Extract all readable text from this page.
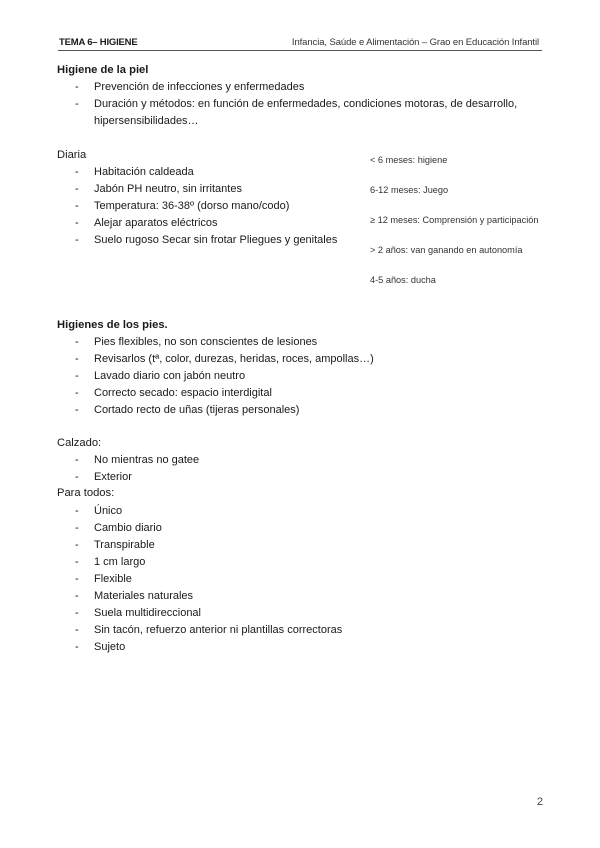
TEMA 6– HIGIENE	Infancia, Saúde e Alimentación – Grao en Educación Infantil
Higiene de la piel
- Prevención de infecciones y enfermedades
- Duración y métodos: en función de enfermedades, condiciones motoras, de desarrollo, hipersensibilidades…
Diaria
- Habitación caldeada
- Jabón PH neutro, sin irritantes
- Temperatura: 36-38º (dorso mano/codo)
- Alejar aparatos eléctricos
- Suelo rugoso Secar sin frotar Pliegues y genitales
< 6 meses: higiene
6-12 meses: Juego
≥ 12 meses: Comprensión y participación
> 2 años: van ganando en autonomía
4-5 años: ducha
Higienes de los pies.
- Pies flexibles, no son conscientes de lesiones
- Revisarlos (tª, color, durezas, heridas, roces, ampollas…)
- Lavado diario con jabón neutro
- Correcto secado: espacio interdigital
- Cortado recto de uñas (tijeras personales)
Calzado:
- No mientras no gatee
- Exterior
Para todos:
- Único
- Cambio diario
- Transpirable
- 1 cm largo
- Flexible
- Materiales naturales
- Suela multidireccional
- Sin tacón, refuerzo anterior ni plantillas correctoras
- Sujeto
2
